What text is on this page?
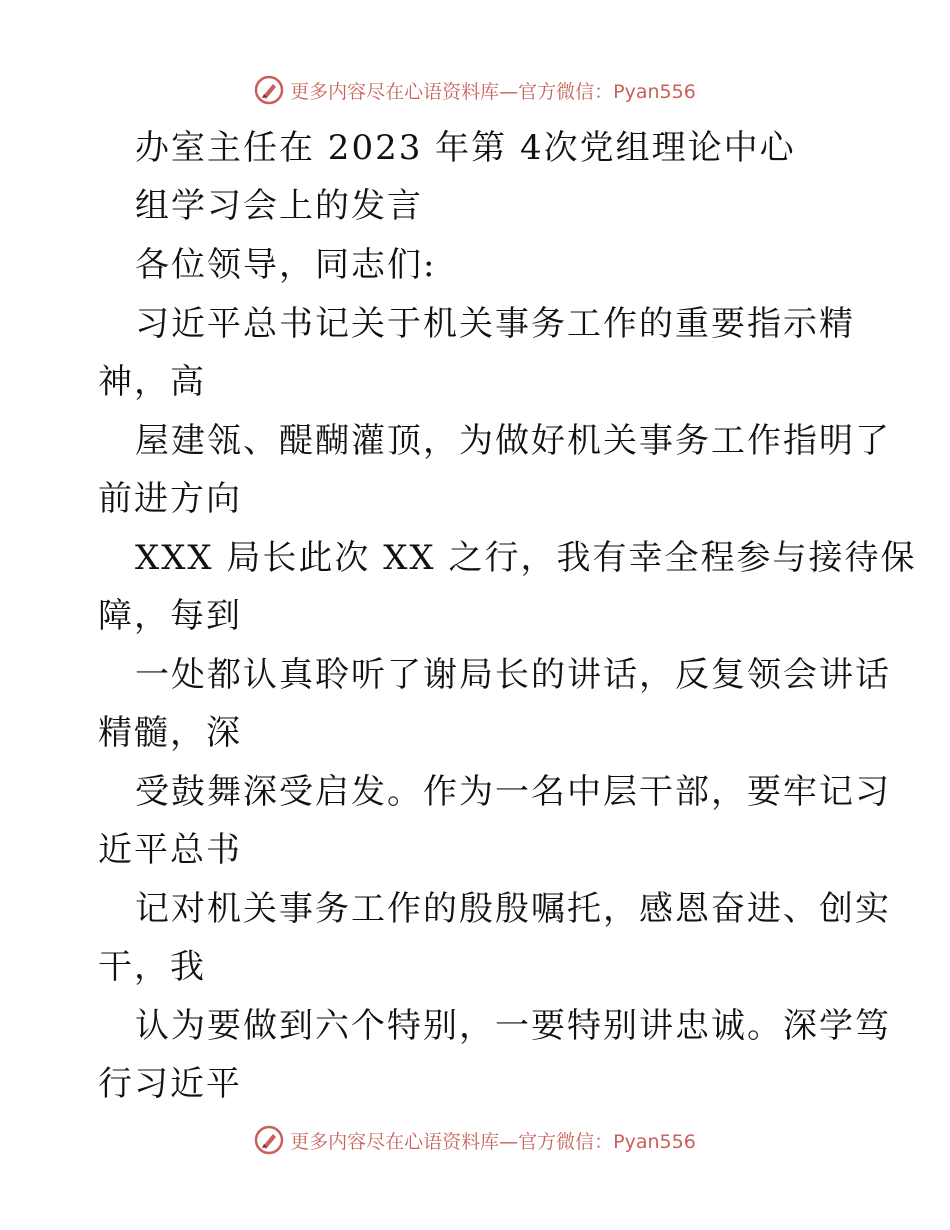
更多内容尽在心语资料库—官方微信：Pyan556
办室主任在 2023 年第 4次党组理论中心
组学习会上的发言
各位领导，同志们:
习近平总书记关于机关事务工作的重要指示精
神，高
屋建瓴、醍醐灌顶，为做好机关事务工作指明了
前进方向
XXX 局长此次 XX 之行，我有幸全程参与接待保
障，每到
一处都认真聆听了谢局长的讲话，反复领会讲话
精髓，深
受鼓舞深受启发。作为一名中层干部，要牢记习
近平总书
记对机关事务工作的殷殷嘱托，感恩奋进、创实
干，我
认为要做到六个特别，一要特别讲忠诚。深学笃
行习近平
更多内容尽在心语资料库—官方微信：Pyan556
